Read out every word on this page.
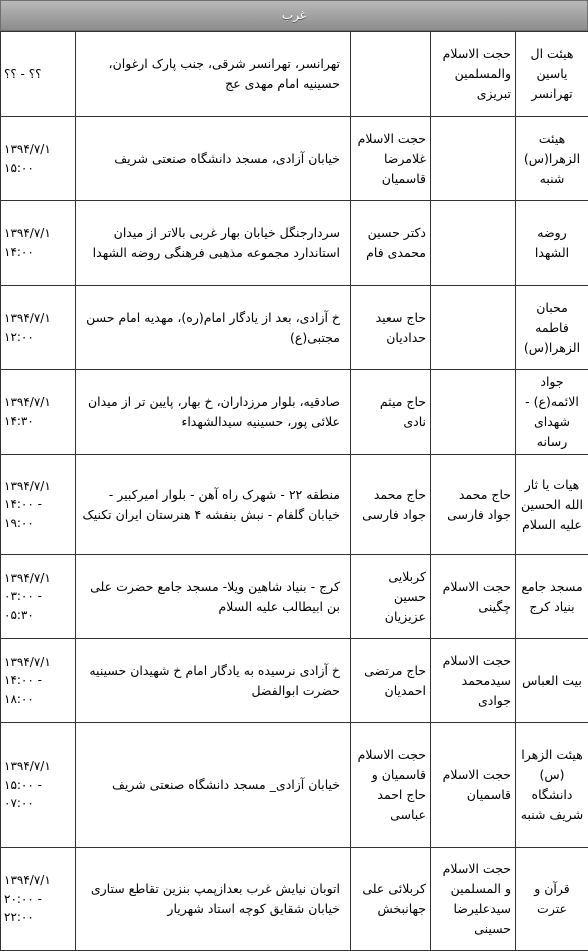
غرب
هیئت ال یاسین تهرانسر	حجت الاسلام والمسلمین تبریزی		تهرانسر، تهرانسر شرقی، جنب پارک ارغوان، حسینیه امام مهدی عج	؟؟ - ؟؟
هیئت الزهرا(س) شنبه		حجت الاسلام غلامرضا قاسمیان	خیابان آزادی، مسجد دانشگاه صنعتی شریف	۱۳۹۴/۷/۱ ۱۵:۰۰
روضه الشهدا		دکتر حسین محمدی فام	سردارجنگل خیابان بهار غربی بالاتر از میدان استاندارد مجموعه مذهبی فرهنگی روضه الشهدا	۱۳۹۴/۷/۱ ۱۴:۰۰
محبان فاطمه الزهرا(س)		حاج سعید حدادیان	خ آزادی، بعد از یادگار امام(ره)، مهدیه امام حسن مجتبی(ع)	۱۳۹۴/۷/۱ ۱۲:۰۰
جواد الائمه(ع) - شهدای رسانه		حاج میثم نادی	صادقیه، بلوار مرزداران، خ بهار، پایین تر از میدان علائی پور، حسینیه سیدالشهداء	۱۳۹۴/۷/۱ ۱۴:۳۰
هیات یا ثار الله الحسین علیه السلام	حاج محمد جواد فارسی	حاج محمد جواد فارسی	منطقه ۲۲ - شهرک راه آهن - بلوار امیرکبیر - خیابان گلفام - نبش بنفشه ۴ هنرستان ایران تکنیک	۱۳۹۴/۷/۱ ۱۴:۰۰ - ۱۹:۰۰
مسجد جامع بنیاد کرج	حجت الاسلام چگینی	کربلایی حسین عزیزیان	کرج - بنیاد شاهین ویلا- مسجد جامع حضرت علی بن ابیطالب علیه السلام	۱۳۹۴/۷/۱ ۰۳:۰۰ - ۰۵:۳۰
بیت العباس	حجت الاسلام سیدمحمد جوادی	حاج مرتضی احمدیان	خ آزادی نرسیده به یادگار امام خ شهیدان حسینیه حضرت ابوالفضل	۱۳۹۴/۷/۱ ۱۴:۰۰ - ۱۸:۰۰
هیئت الزهرا (س) دانشگاه شریف شنبه	حجت الاسلام قاسمیان	حجت الاسلام قاسمیان و حاج احمد عباسی	خیابان آزادی_ مسجد دانشگاه صنعتی شریف	۱۳۹۴/۷/۱ ۱۵:۰۰ - ۰۷:۰۰
قرآن و عترت	حجت الاسلام و المسلمین سیدعلیرضا حسینی	کربلائی علی جهانبخش	اتوبان نیایش غرب بعدازپمپ بنزین تقاطع ستاری خیابان شقایق کوچه استاد شهریار	۱۳۹۴/۷/۱ ۲۰:۰۰ - ۲۲:۰۰
